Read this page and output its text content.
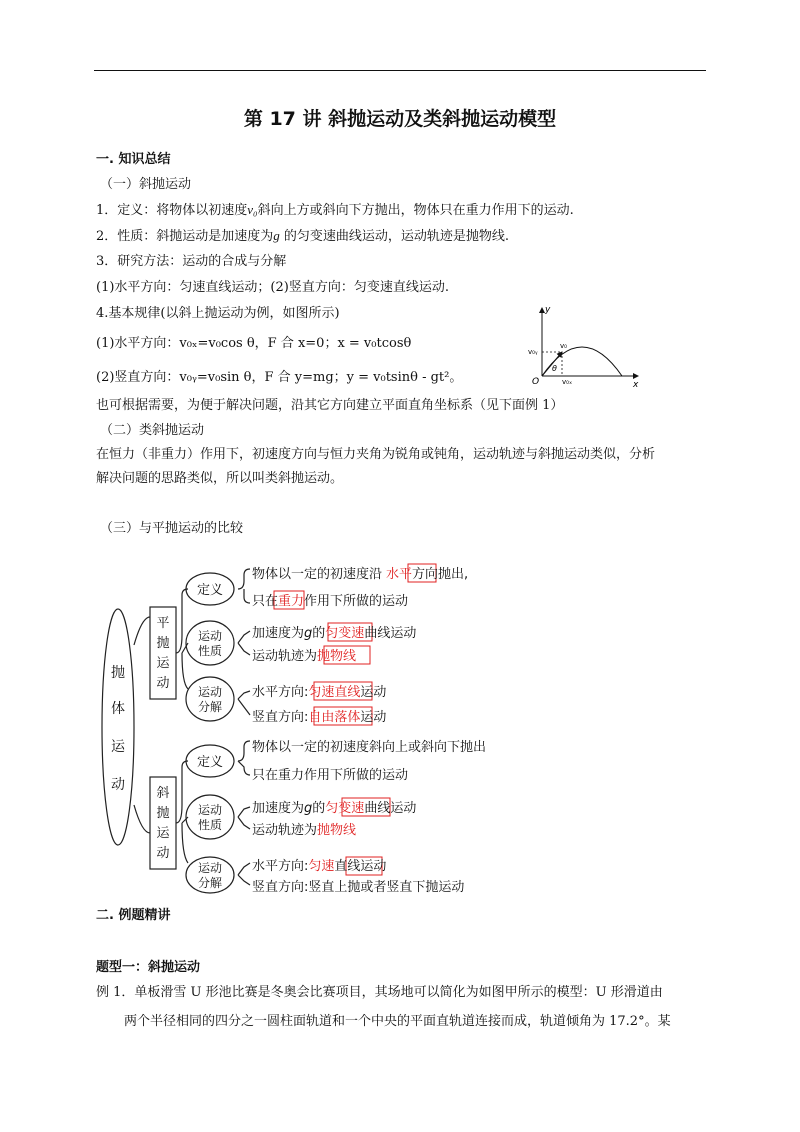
第 17 讲 斜抛运动及类斜抛运动模型
一. 知识总结
（一）斜抛运动
1．定义：将物体以初速度v₀斜向上方或斜向下方抛出，物体只在重力作用下的运动.
2．性质：斜抛运动是加速度为g 的匀变速曲线运动，运动轨迹是抛物线.
3．研究方法：运动的合成与分解
(1)水平方向：匀速直线运动；(2)竖直方向：匀变速直线运动.
4.基本规律(以斜上抛运动为例，如图所示)
(1)水平方向：v₀ₓ=v₀cos θ，F 合 x=0；x = v₀tcosθ
(2)竖直方向：v₀ᵧ=v₀sin θ，F 合 y=mg；y = v₀tsinθ - gt²。
y
x
O
v₀
v₀ᵧ
v₀ₓ
θ
也可根据需要，为便于解决问题，沿其它方向建立平面直角坐标系（见下面例 1）
（二）类斜抛运动
在恒力（非重力）作用下，初速度方向与恒力夹角为锐角或钝角，运动轨迹与斜抛运动类似，分析
解决问题的思路类似，所以叫类斜抛运动。
（三）与平抛运动的比较
抛
体
运
动
平
抛
运
动
斜
抛
运
动
定义
运动
性质
运动
分解
定义
运动
性质
运动
分解
物体以一定的初速度沿 水平方向抛出,
只在重力作用下所做的运动
加速度为g的匀变速曲线运动
运动轨迹为抛物线
水平方向:匀速直线运动
竖直方向:自由落体运动
物体以一定的初速度斜向上或斜向下抛出
只在重力作用下所做的运动
加速度为g的匀变速曲线运动
运动轨迹为抛物线
水平方向:匀速直线运动
竖直方向:竖直上抛或者竖直下抛运动
二. 例题精讲
题型一：斜抛运动
例 1．单板滑雪 U 形池比赛是冬奥会比赛项目，其场地可以简化为如图甲所示的模型：U 形滑道由
两个半径相同的四分之一圆柱面轨道和一个中央的平面直轨道连接而成，轨道倾角为 17.2°。某
